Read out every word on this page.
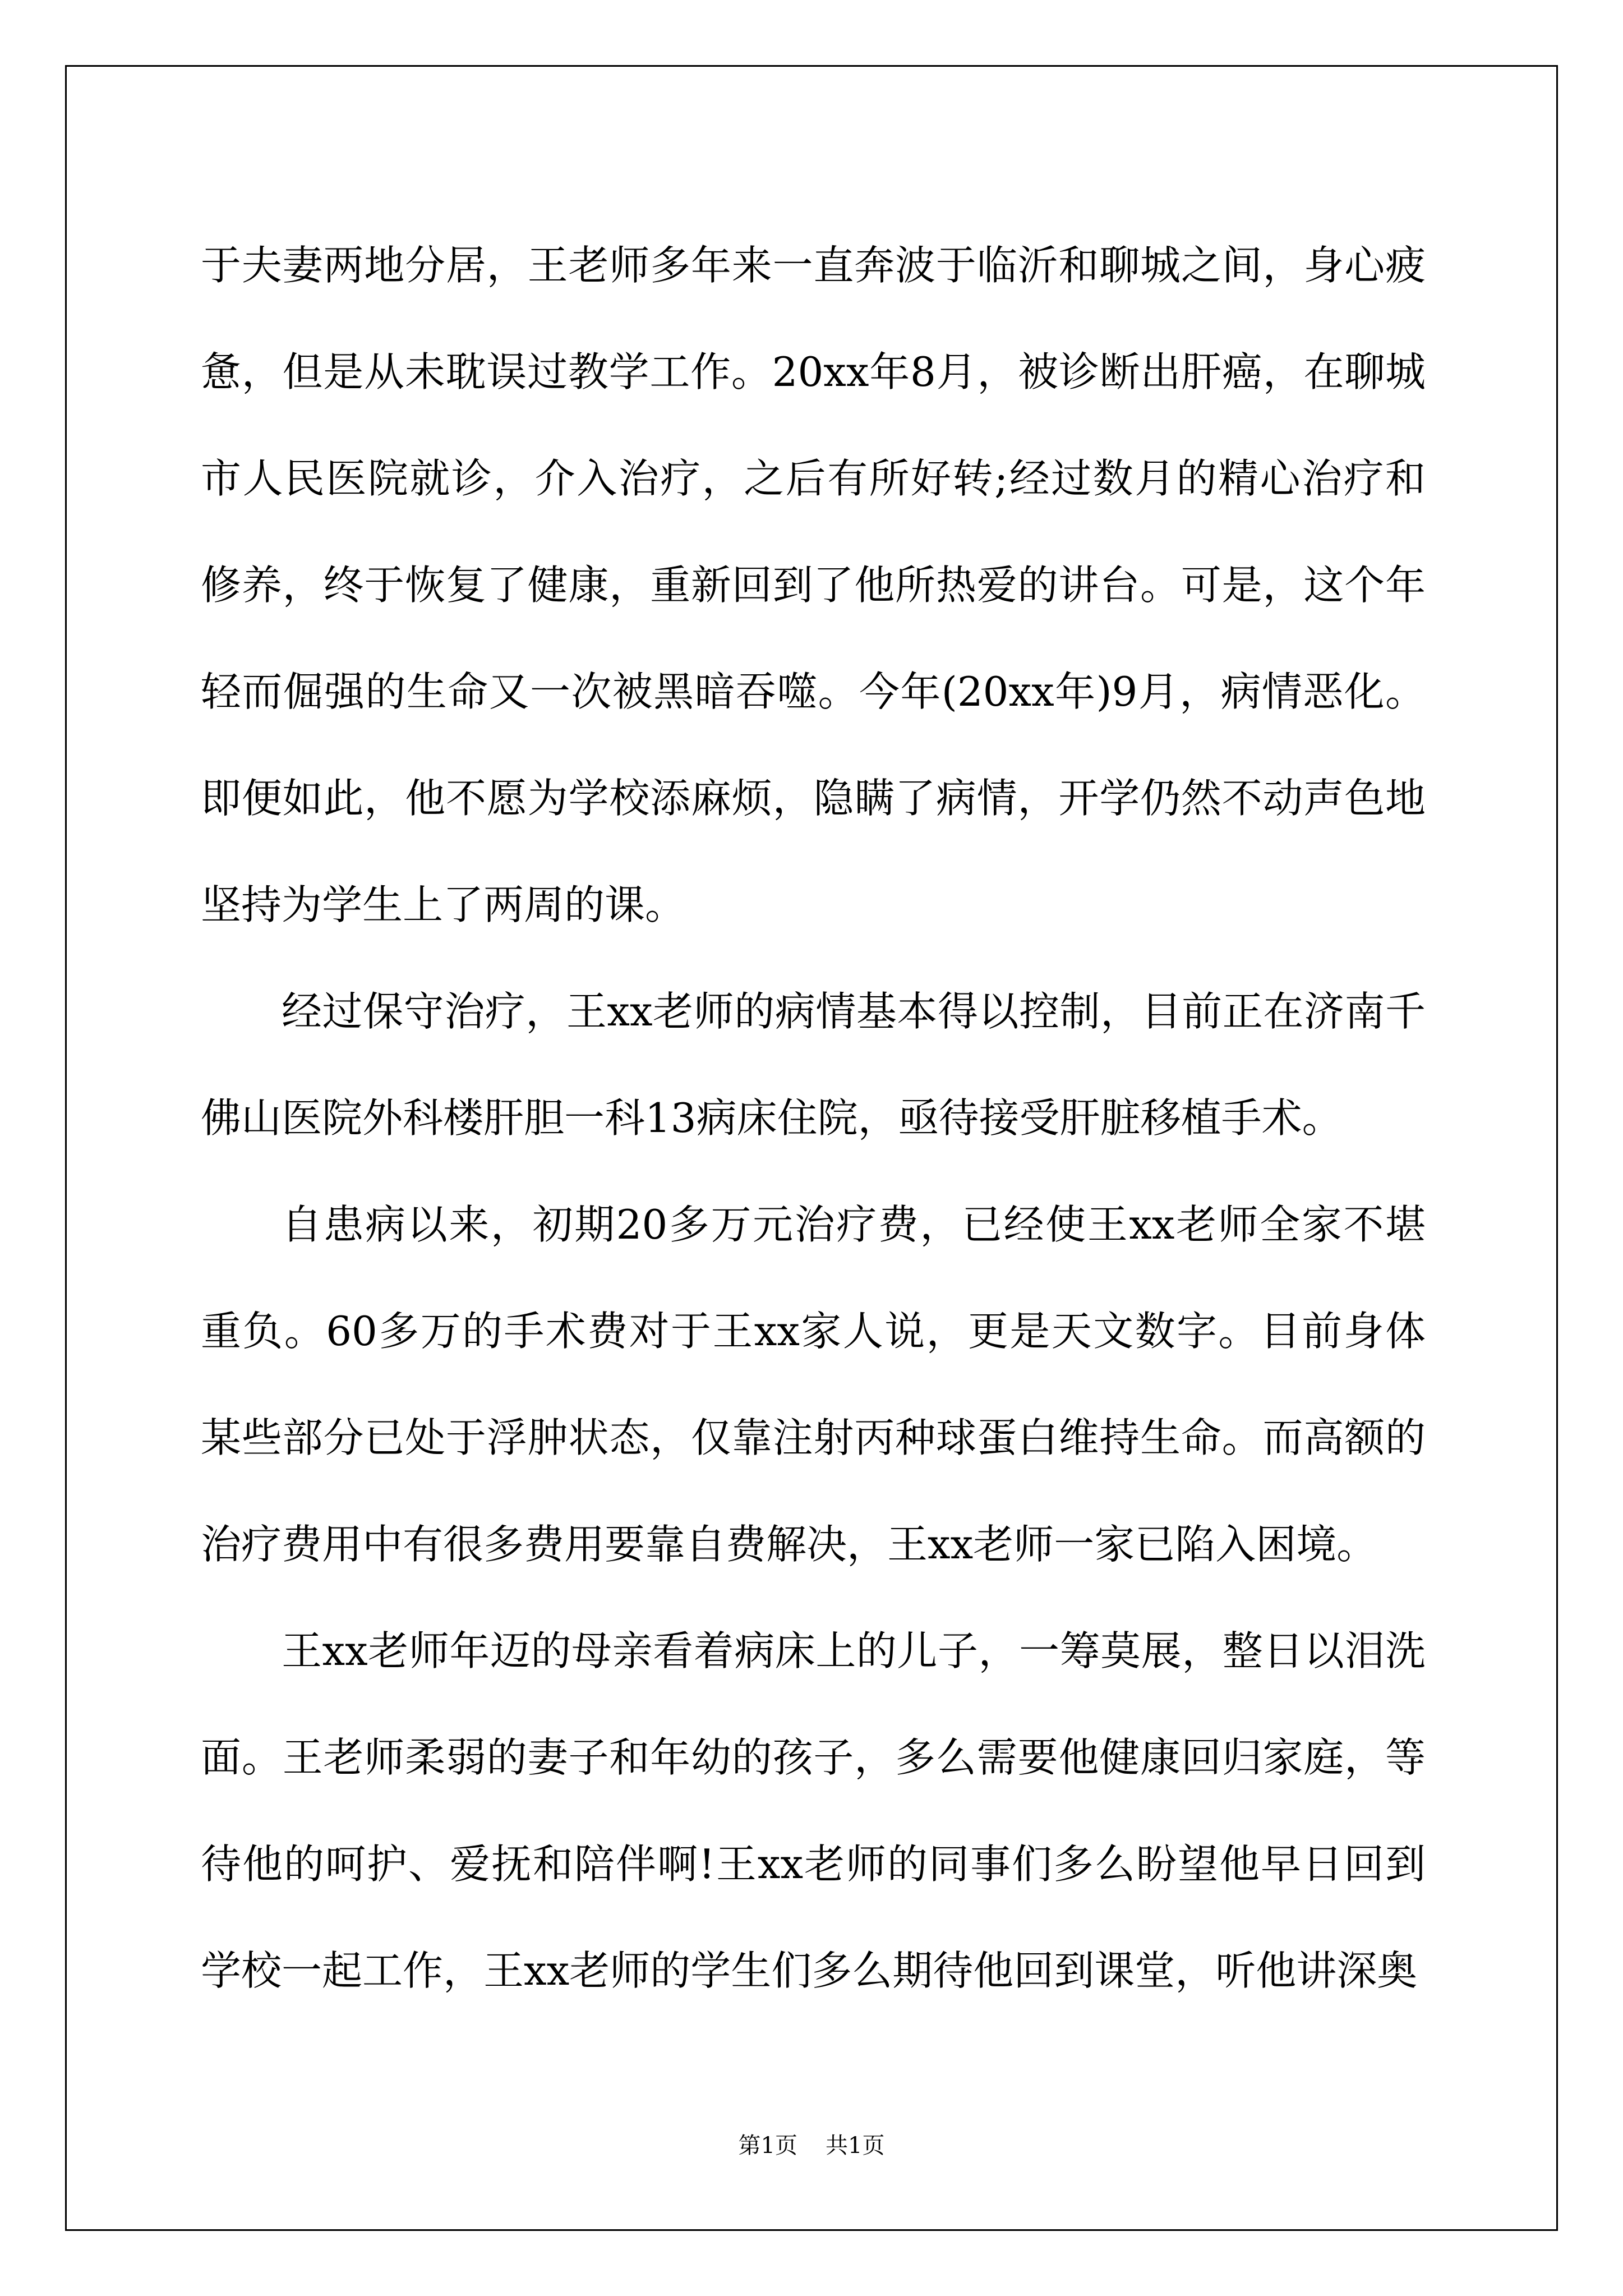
于夫妻两地分居，王老师多年来一直奔波于临沂和聊城之间，身心疲惫，但是从未耽误过教学工作。20xx年8月，被诊断出肝癌，在聊城市人民医院就诊，介入治疗，之后有所好转;经过数月的精心治疗和修养，终于恢复了健康，重新回到了他所热爱的讲台。可是，这个年轻而倔强的生命又一次被黑暗吞噬。今年(20xx年)9月，病情恶化。即便如此，他不愿为学校添麻烦，隐瞒了病情，开学仍然不动声色地坚持为学生上了两周的课。

经过保守治疗，王xx老师的病情基本得以控制，目前正在济南千佛山医院外科楼肝胆一科13病床住院，亟待接受肝脏移植手术。

自患病以来，初期20多万元治疗费，已经使王xx老师全家不堪重负。60多万的手术费对于王xx家人说，更是天文数字。目前身体某些部分已处于浮肿状态，仅靠注射丙种球蛋白维持生命。而高额的治疗费用中有很多费用要靠自费解决，王xx老师一家已陷入困境。

王xx老师年迈的母亲看着病床上的儿子，一筹莫展，整日以泪洗面。王老师柔弱的妻子和年幼的孩子，多么需要他健康回归家庭，等待他的呵护、爱抚和陪伴啊!王xx老师的同事们多么盼望他早日回到学校一起工作，王xx老师的学生们多么期待他回到课堂，听他讲深奥

第1页 共1页
